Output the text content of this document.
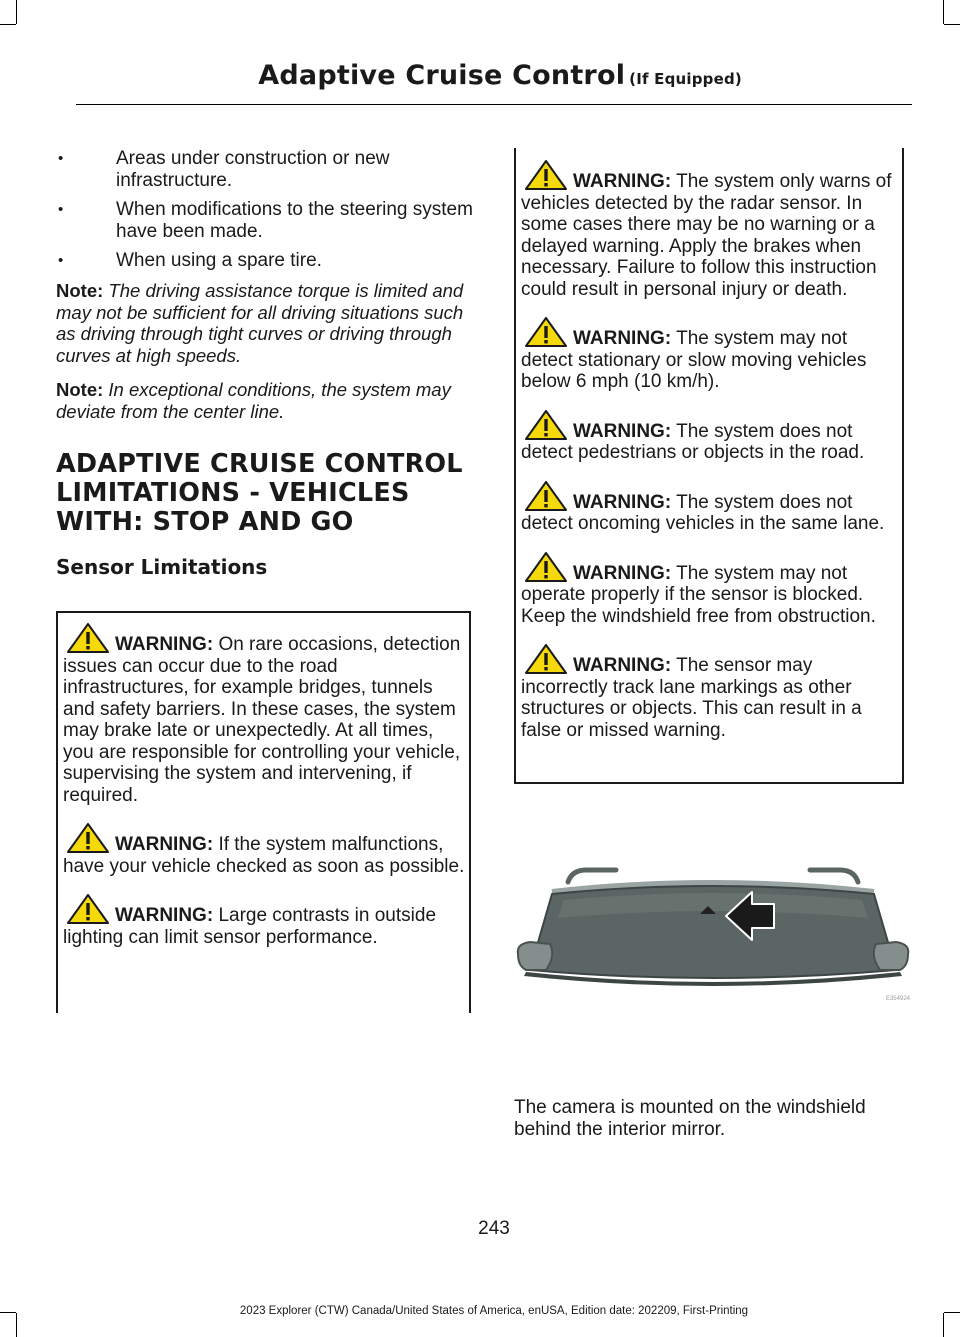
Adaptive Cruise Control (If Equipped)
• Areas under construction or new infrastructure.
• When modifications to the steering system have been made.
• When using a spare tire.

Note: The driving assistance torque is limited and may not be sufficient for all driving situations such as driving through tight curves or driving through curves at high speeds.

Note: In exceptional conditions, the system may deviate from the center line.

ADAPTIVE CRUISE CONTROL LIMITATIONS - VEHICLES WITH: STOP AND GO
Sensor Limitations

WARNING: On rare occasions, detection issues can occur due to the road infrastructures, for example bridges, tunnels and safety barriers. In these cases, the system may brake late or unexpectedly. At all times, you are responsible for controlling your vehicle, supervising the system and intervening, if required.

WARNING: If the system malfunctions, have your vehicle checked as soon as possible.

WARNING: Large contrasts in outside lighting can limit sensor performance.

WARNING: The system only warns of vehicles detected by the radar sensor. In some cases there may be no warning or a delayed warning. Apply the brakes when necessary. Failure to follow this instruction could result in personal injury or death.

WARNING: The system may not detect stationary or slow moving vehicles below 6 mph (10 km/h).

WARNING: The system does not detect pedestrians or objects in the road.

WARNING: The system does not detect oncoming vehicles in the same lane.

WARNING: The system may not operate properly if the sensor is blocked. Keep the windshield free from obstruction.

WARNING: The sensor may incorrectly track lane markings as other structures or objects. This can result in a false or missed warning.

E354924

The camera is mounted on the windshield behind the interior mirror.

243
2023 Explorer (CTW) Canada/United States of America, enUSA, Edition date: 202209, First-Printing
